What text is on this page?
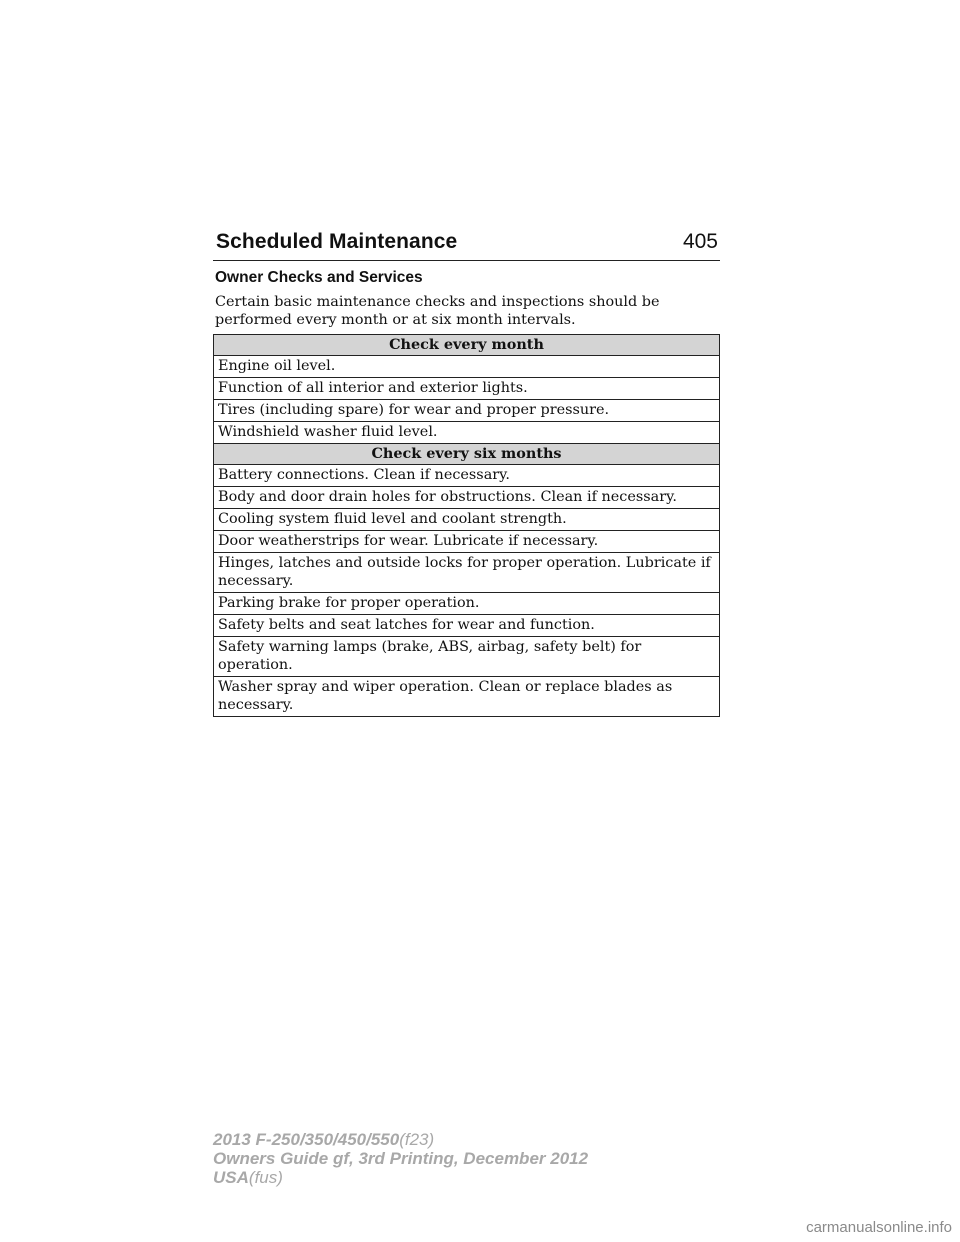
Scheduled Maintenance	405
Owner Checks and Services

Certain basic maintenance checks and inspections should be performed every month or at six month intervals.

Check every month
Engine oil level.
Function of all interior and exterior lights.
Tires (including spare) for wear and proper pressure.
Windshield washer fluid level.
Check every six months
Battery connections. Clean if necessary.
Body and door drain holes for obstructions. Clean if necessary.
Cooling system fluid level and coolant strength.
Door weatherstrips for wear. Lubricate if necessary.
Hinges, latches and outside locks for proper operation. Lubricate if necessary.
Parking brake for proper operation.
Safety belts and seat latches for wear and function.
Safety warning lamps (brake, ABS, airbag, safety belt) for operation.
Washer spray and wiper operation. Clean or replace blades as necessary.
2013 F-250/350/450/550(f23)
Owners Guide gf, 3rd Printing, December 2012
USA(fus)
carmanualsonline.info
